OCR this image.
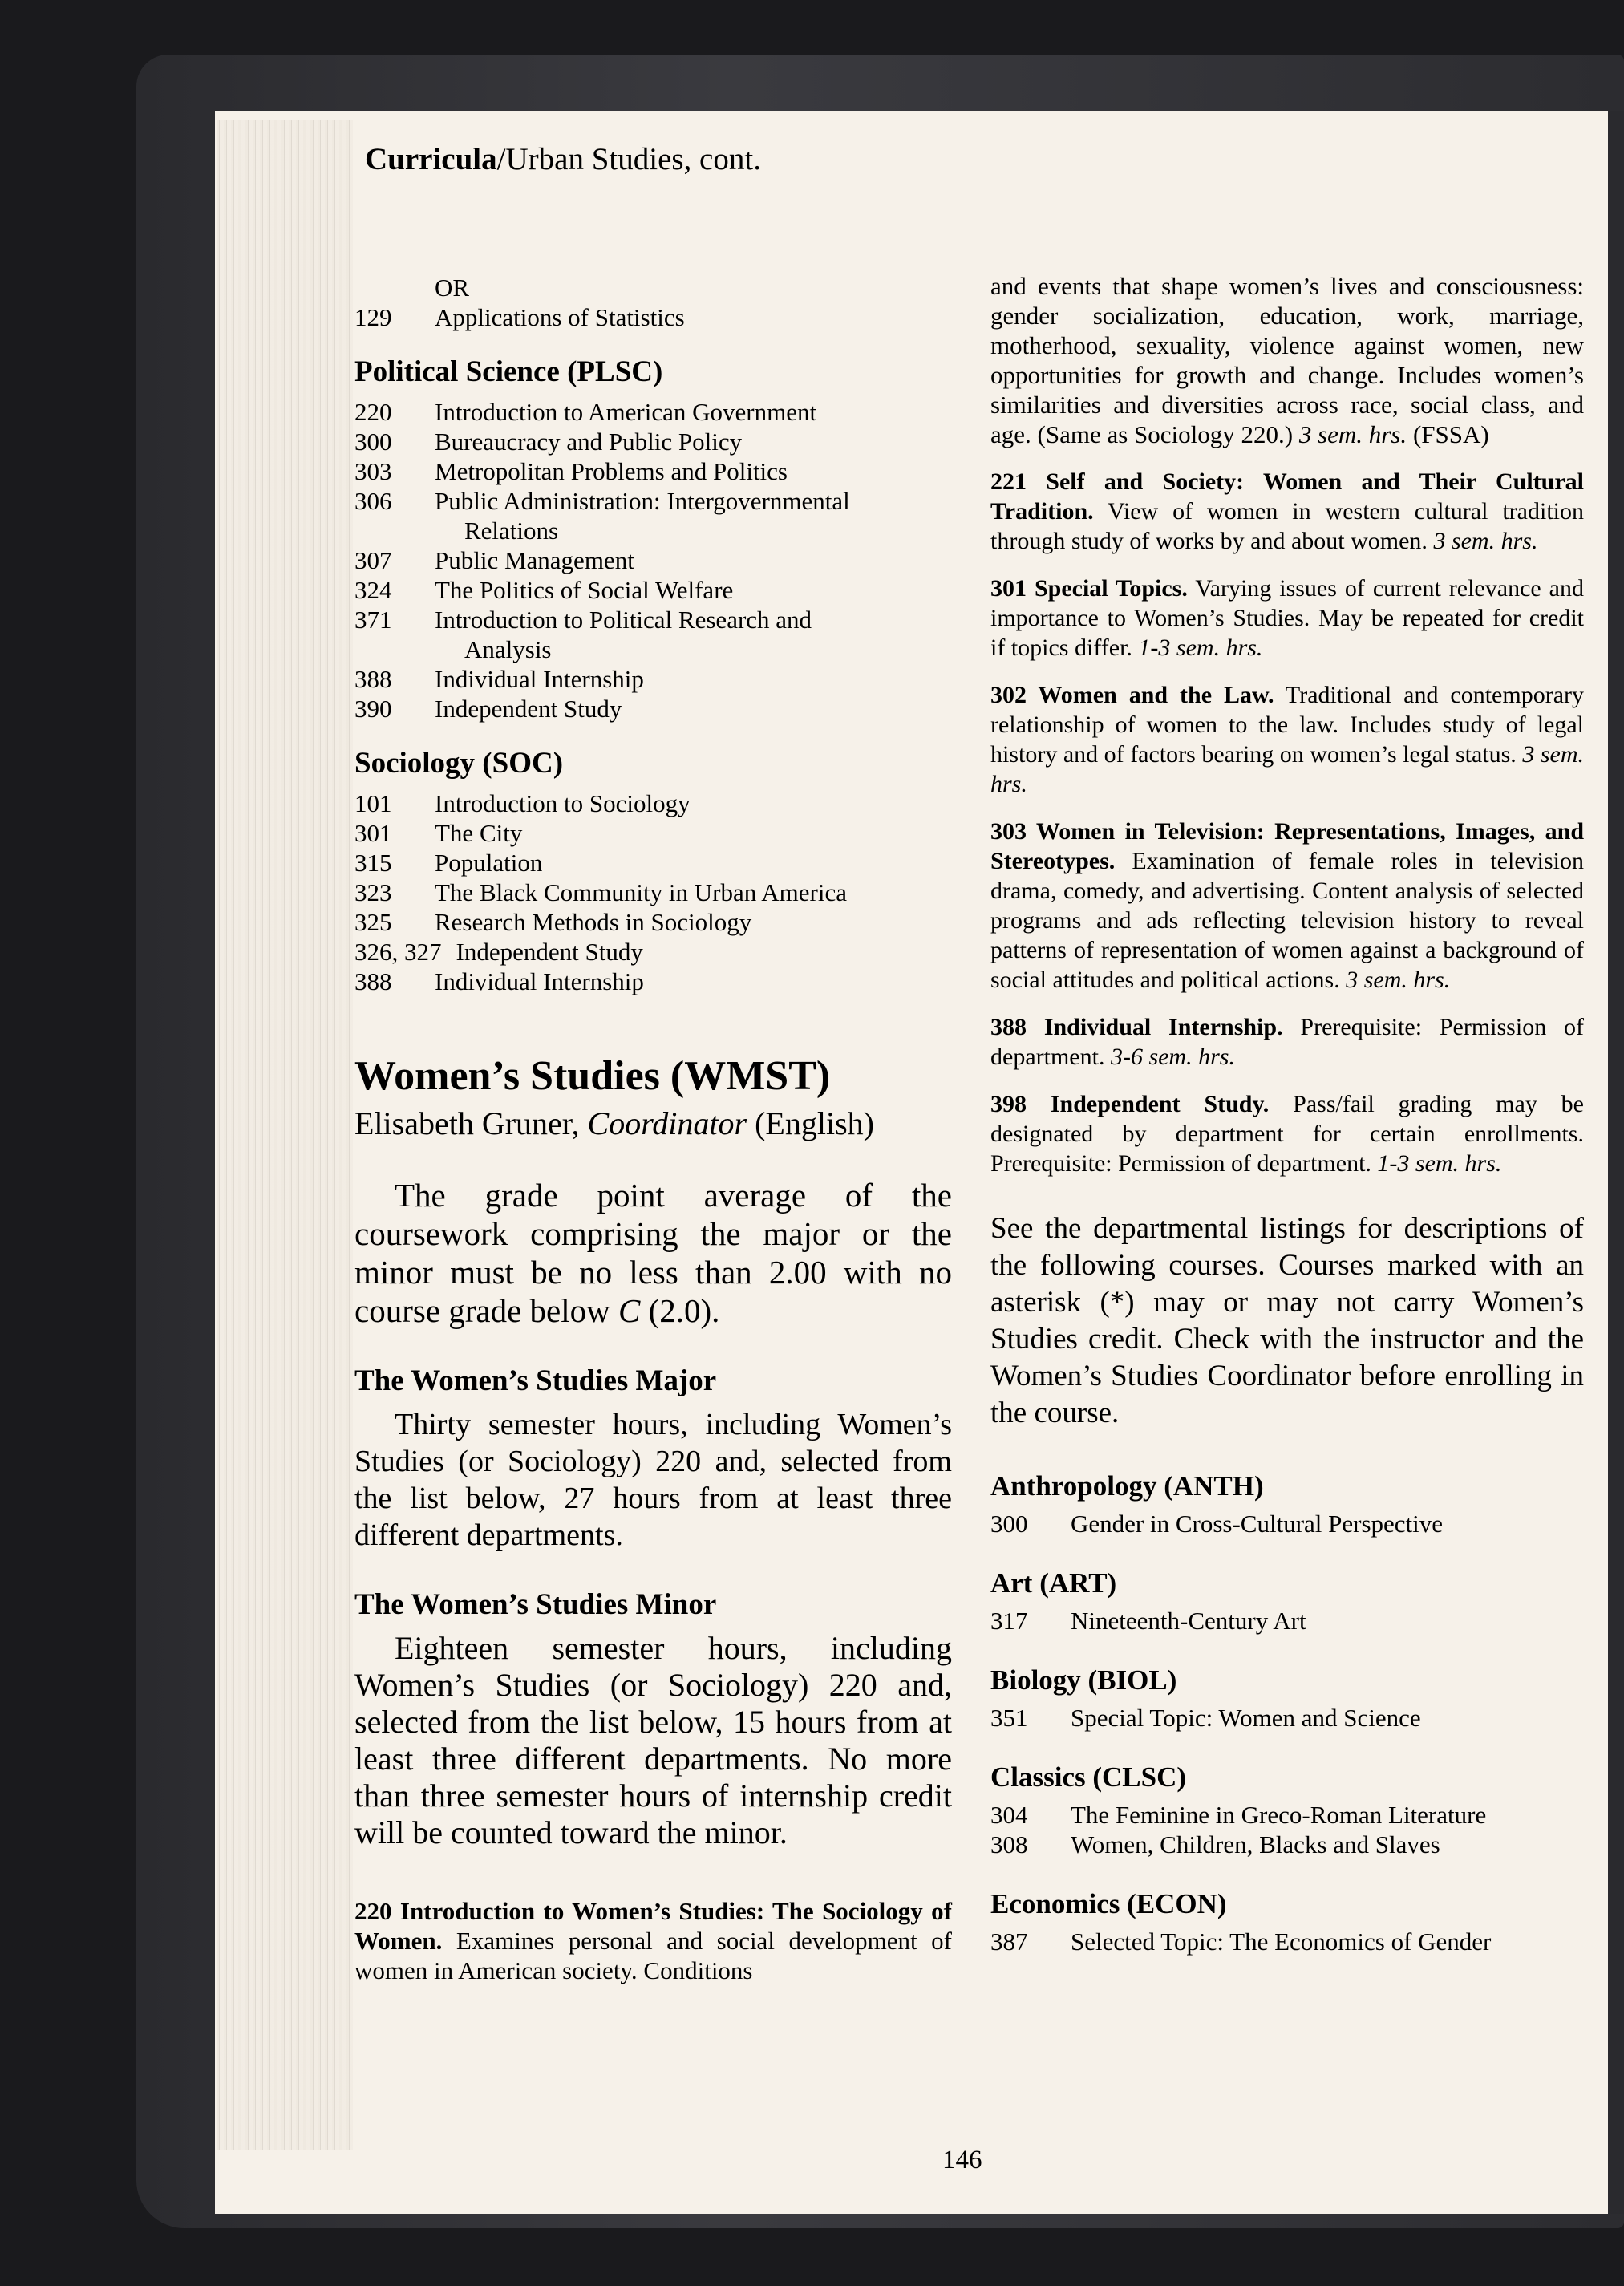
Curricula/Urban Studies, cont.
OR
129	Applications of Statistics
Political Science (PLSC)
220	Introduction to American Government
300	Bureaucracy and Public Policy
303	Metropolitan Problems and Politics
306	Public Administration: Intergovernmental
Relations
307	Public Management
324	The Politics of Social Welfare
371	Introduction to Political Research and
Analysis
388	Individual Internship
390	Independent Study
Sociology (SOC)
101	Introduction to Sociology
301	The City
315	Population
323	The Black Community in Urban America
325	Research Methods in Sociology
326, 327 Independent Study
388	Individual Internship
Women’s Studies (WMST)

Elisabeth Gruner, Coordinator (English)

The grade point average of the coursework comprising the major or the minor must be no less than 2.00 with no course grade below C (2.0).

The Women’s Studies Major

Thirty semester hours, including Women’s Studies (or Sociology) 220 and, selected from the list below, 27 hours from at least three different departments.

The Women’s Studies Minor

Eighteen semester hours, including Women’s Studies (or Sociology) 220 and, selected from the list below, 15 hours from at least three different departments. No more than three semester hours of internship credit will be counted toward the minor.

220 Introduction to Women’s Studies: The Sociology of Women. Examines personal and social development of women in American society. Conditions

and events that shape women’s lives and consciousness: gender socialization, education, work, marriage, motherhood, sexuality, violence against women, new opportunities for growth and change. Includes women’s similarities and diversities across race, social class, and age. (Same as Sociology 220.) 3 sem. hrs. (FSSA)

221 Self and Society: Women and Their Cultural Tradition. View of women in western cultural tradition through study of works by and about women. 3 sem. hrs.

301 Special Topics. Varying issues of current relevance and importance to Women’s Studies. May be repeated for credit if topics differ. 1-3 sem. hrs.

302 Women and the Law. Traditional and contemporary relationship of women to the law. Includes study of legal history and of factors bearing on women’s legal status. 3 sem. hrs.

303 Women in Television: Representations, Images, and Stereotypes. Examination of female roles in television drama, comedy, and advertising. Content analysis of selected programs and ads reflecting television history to reveal patterns of representation of women against a background of social attitudes and political actions. 3 sem. hrs.

388 Individual Internship. Prerequisite: Permission of department. 3-6 sem. hrs.

398 Independent Study. Pass/fail grading may be designated by department for certain enrollments. Prerequisite: Permission of department. 1-3 sem. hrs.

See the departmental listings for descriptions of the following courses. Courses marked with an asterisk (*) may or may not carry Women’s Studies credit. Check with the instructor and the Women’s Studies Coordinator before enrolling in the course.

Anthropology (ANTH)
300	Gender in Cross-Cultural Perspective
Art (ART)
317	Nineteenth-Century Art
Biology (BIOL)
351	Special Topic: Women and Science
Classics (CLSC)
304	The Feminine in Greco-Roman Literature
308	Women, Children, Blacks and Slaves
Economics (ECON)
387	Selected Topic: The Economics of Gender
146
